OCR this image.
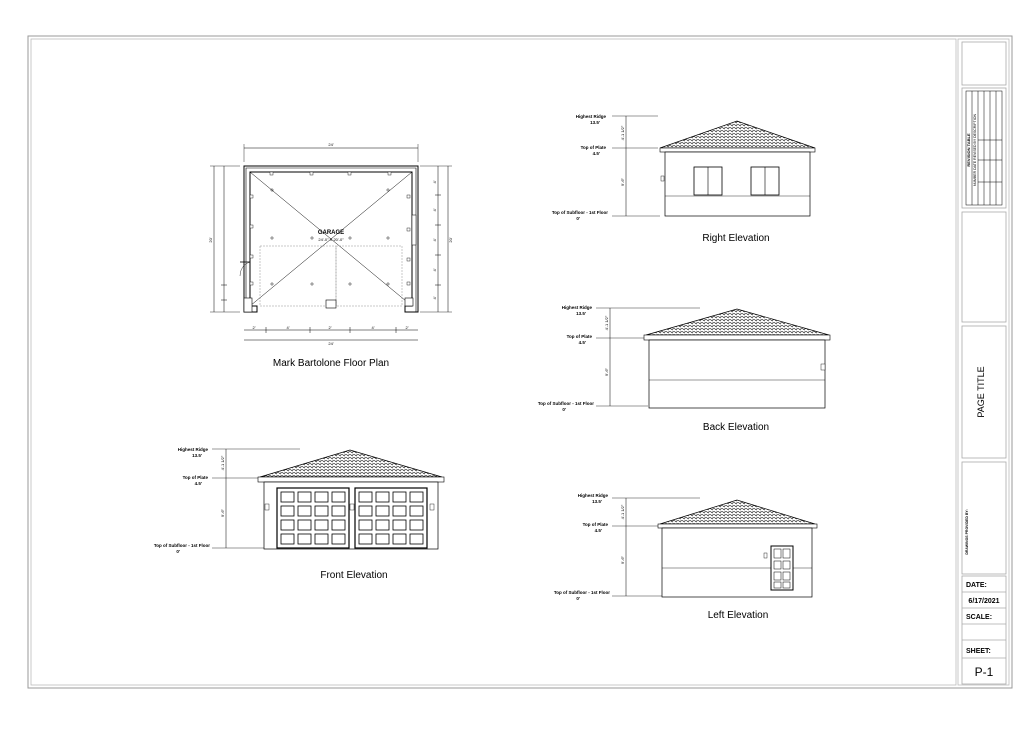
GARAGE
24'-0" X 20'-0"
24'
24'
2'	4'	2'	4'	2'
20'	20'
4'
4'
4'
4'
4'
Highest Ridge
13.5'
Top of Plate
4.5'
Top of Subfloor - 1st Floor
0'
4'-1 1/2"
9'-6"
Highest Ridge
13.5'
Top of Plate
4.5'
Top of Subfloor - 1st Floor
0'
4'-1 1/2"
9'-6"
Highest Ridge
13.5'
Top of Plate
4.5'
Top of Subfloor - 1st Floor
0'
4'-1 1/2"
9'-6"
Highest Ridge
13.5'
Top of Plate
4.5'
Top of Subfloor - 1st Floor
0'
4'-1 1/2"
9'-6"
REVISION TABLE NUMBER DATE REVISED BY DESCRIPTION
PAGE TITLE
DRAWINGS PROVIDED BY:
DATE:
6/17/2021
SCALE:
SHEET:
P-1
Mark Bartolone Floor Plan
Right Elevation
Back Elevation
Front Elevation
Left Elevation
